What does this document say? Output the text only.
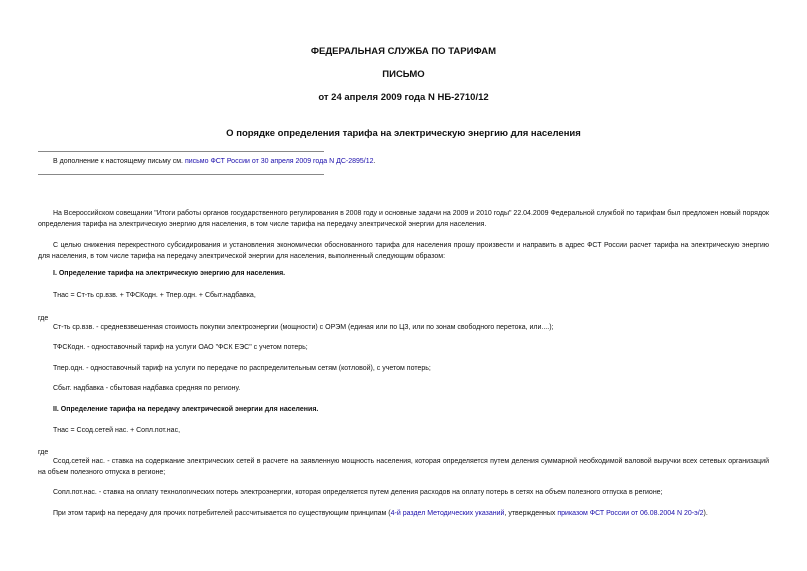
ФЕДЕРАЛЬНАЯ СЛУЖБА ПО ТАРИФАМ
ПИСЬМО
от 24 апреля 2009 года N НБ-2710/12
О порядке определения тарифа на электрическую энергию для населения
В дополнение к настоящему письму см. письмо ФСТ России от 30 апреля 2009 года N ДС-2895/12.
На Всероссийском совещании "Итоги работы органов государственного регулирования в 2008 году и основные задачи на 2009 и 2010 годы" 22.04.2009 Федеральной службой по тарифам был предложен новый порядок определения тарифа на электрическую энергию для населения, в том числе тарифа на передачу электрической энергии для населения.
С целью снижения перекрестного субсидирования и установления экономически обоснованного тарифа для населения прошу произвести и направить в адрес ФСТ России расчет тарифа на электрическую энергию для населения, в том числе тарифа на передачу электрической энергии для населения, выполненный следующим образом:
I. Определение тарифа на электрическую энергию для населения.
Тнас = Ст-ть ср.взв. + ТФСКодн. + Тпер.одн. + Сбыт.надбавка,
где
Ст-ть ср.взв. - средневзвешенная стоимость покупки электроэнергии (мощности) с ОРЭМ (единая или по ЦЗ, или по зонам свободного перетока, или....);
ТФСКодн. - одноставочный тариф на услуги ОАО "ФСК ЕЭС" с учетом потерь;
Тпер.одн. - одноставочный тариф на услуги по передаче по распределительным сетям (котловой), с учетом потерь;
Сбыт. надбавка - сбытовая надбавка средняя по региону.
II. Определение тарифа на передачу электрической энергии для населения.
Тнас = Ссод.сетей нас. + Сопл.пот.нас,
где
Ссод.сетей нас. - ставка на содержание электрических сетей в расчете на заявленную мощность населения, которая определяется путем деления суммарной необходимой валовой выручки всех сетевых организаций на объем полезного отпуска в регионе;
Сопл.пот.нас. - ставка на оплату технологических потерь электроэнергии, которая определяется путем деления расходов на оплату потерь в сетях на объем полезного отпуска в регионе;
При этом тариф на передачу для прочих потребителей рассчитывается по существующим принципам (4-й раздел Методических указаний, утвержденных приказом ФСТ России от 06.08.2004 N 20-э/2).
